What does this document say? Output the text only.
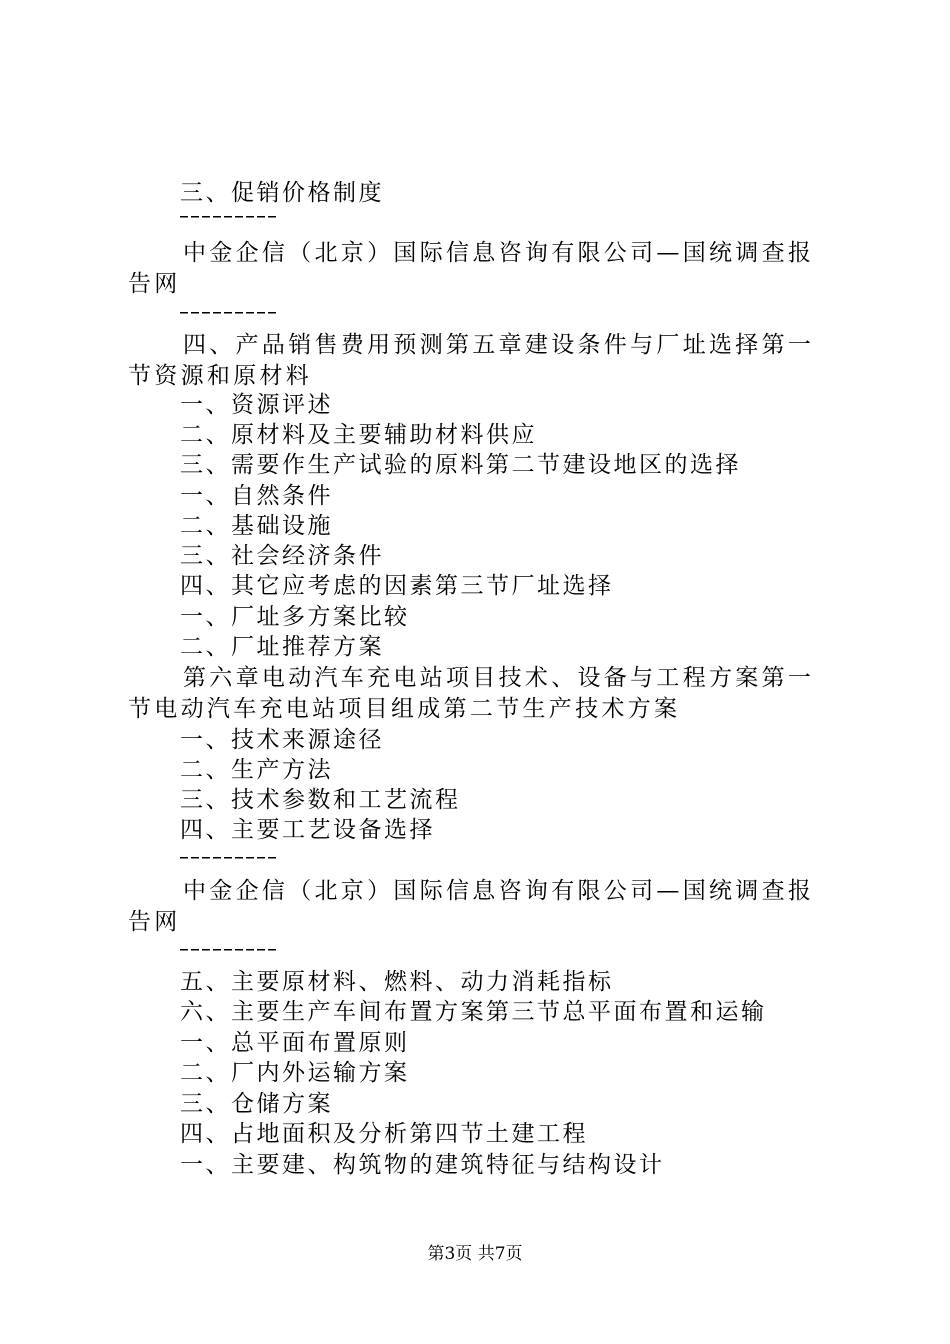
三、促销价格制度
中金企信（北京）国际信息咨询有限公司—国统调查报告网
四、产品销售费用预测第五章建设条件与厂址选择第一节资源和原材料
一、资源评述
二、原材料及主要辅助材料供应
三、需要作生产试验的原料第二节建设地区的选择
一、自然条件
二、基础设施
三、社会经济条件
四、其它应考虑的因素第三节厂址选择
一、厂址多方案比较
二、厂址推荐方案
第六章电动汽车充电站项目技术、设备与工程方案第一节电动汽车充电站项目组成第二节生产技术方案
一、技术来源途径
二、生产方法
三、技术参数和工艺流程
四、主要工艺设备选择
中金企信（北京）国际信息咨询有限公司—国统调查报告网
五、主要原材料、燃料、动力消耗指标
六、主要生产车间布置方案第三节总平面布置和运输
一、总平面布置原则
二、厂内外运输方案
三、仓储方案
四、占地面积及分析第四节土建工程
一、主要建、构筑物的建筑特征与结构设计
第3页 共7页
